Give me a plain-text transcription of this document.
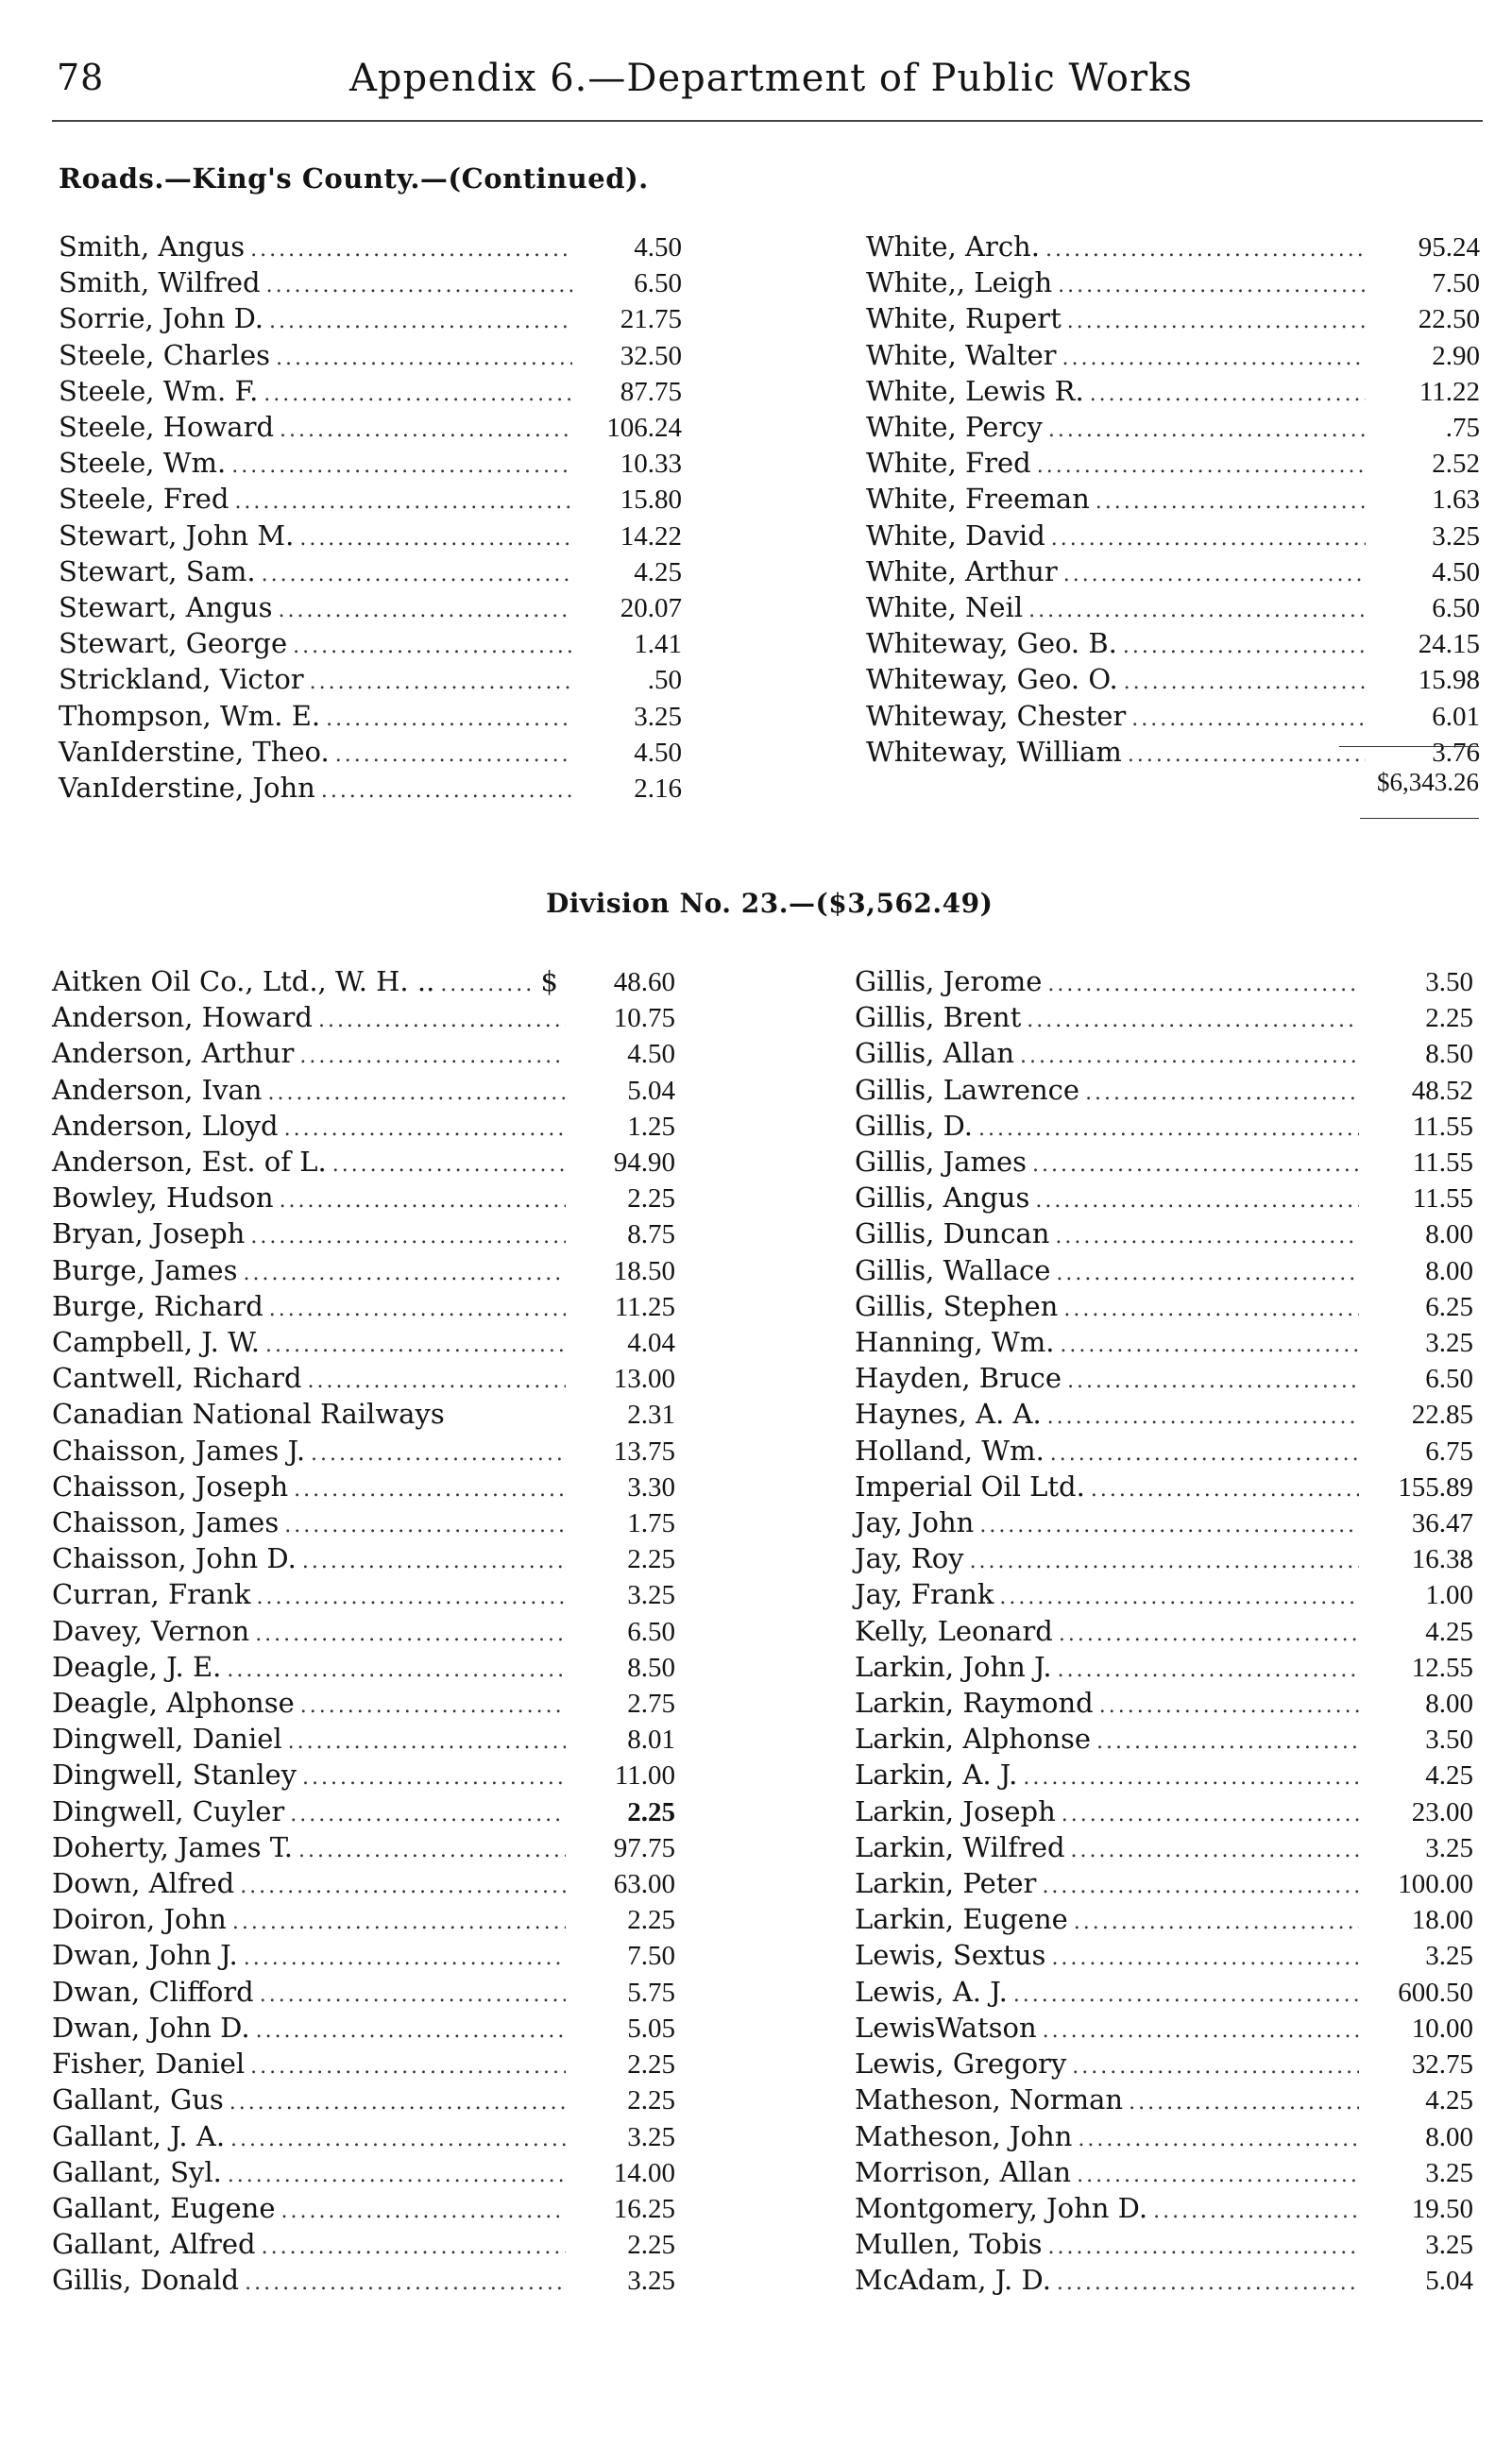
78	Appendix 6.—Department of Public Works
Roads.—King's County.—(Continued).
Smith, Angus .....	4.50
Smith, Wilfred .....	6.50
Sorrie, John D. .....	21.75
Steele, Charles .....	32.50
Steele, Wm. F. .....	87.75
Steele, Howard .....	106.24
Steele, Wm. .....	10.33
Steele, Fred .....	15.80
Stewart, John M. .....	14.22
Stewart, Sam. .....	4.25
Stewart, Angus .....	20.07
Stewart, George .....	1.41
Strickland, Victor .....	.50
Thompson, Wm. E. .....	3.25
VanIderstine, Theo. .....	4.50
VanIderstine, John .....	2.16
White, Arch. .....	95.24
White,, Leigh .....	7.50
White, Rupert .....	22.50
White, Walter .....	2.90
White, Lewis R. .....	11.22
White, Percy .....	.75
White, Fred .....	2.52
White, Freeman .....	1.63
White, David .....	3.25
White, Arthur .....	4.50
White, Neil .....	6.50
Whiteway, Geo. B. .....	24.15
Whiteway, Geo. O. .....	15.98
Whiteway, Chester .....	6.01
Whiteway, William .....	3.76
$6,343.26
Division No. 23.—($3,562.49)
Aitken Oil Co., Ltd., W. H. .. .....	$	48.60
Anderson, Howard .....	10.75
Anderson, Arthur .....	4.50
Anderson, Ivan .....	5.04
Anderson, Lloyd .....	1.25
Anderson, Est. of L. .....	94.90
Bowley, Hudson .....	2.25
Bryan, Joseph .....	8.75
Burge, James .....	18.50
Burge, Richard .....	11.25
Campbell, J. W. .....	4.04
Cantwell, Richard .....	13.00
Canadian National Railways	2.31
Chaisson, James J. .....	13.75
Chaisson, Joseph .....	3.30
Chaisson, James .....	1.75
Chaisson, John D. .....	2.25
Curran, Frank .....	3.25
Davey, Vernon .....	6.50
Deagle, J. E. .....	8.50
Deagle, Alphonse .....	2.75
Dingwell, Daniel .....	8.01
Dingwell, Stanley .....	11.00
Dingwell, Cuyler .....	2.25
Doherty, James T. .....	97.75
Down, Alfred .....	63.00
Doiron, John .....	2.25
Dwan, John J. .....	7.50
Dwan, Clifford .....	5.75
Dwan, John D. .....	5.05
Fisher, Daniel .....	2.25
Gallant, Gus .....	2.25
Gallant, J. A. .....	3.25
Gallant, Syl. .....	14.00
Gallant, Eugene .....	16.25
Gallant, Alfred .....	2.25
Gillis, Donald .....	3.25
Gillis, Jerome .....	3.50
Gillis, Brent .....	2.25
Gillis, Allan .....	8.50
Gillis, Lawrence .....	48.52
Gillis, D. .....	11.55
Gillis, James .....	11.55
Gillis, Angus .....	11.55
Gillis, Duncan .....	8.00
Gillis, Wallace .....	8.00
Gillis, Stephen .....	6.25
Hanning, Wm. .....	3.25
Hayden, Bruce .....	6.50
Haynes, A. A. .....	22.85
Holland, Wm. .....	6.75
Imperial Oil Ltd. .....	155.89
Jay, John .....	36.47
Jay, Roy .....	16.38
Jay, Frank .....	1.00
Kelly, Leonard .....	4.25
Larkin, John J. .....	12.55
Larkin, Raymond .....	8.00
Larkin, Alphonse .....	3.50
Larkin, A. J. .....	4.25
Larkin, Joseph .....	23.00
Larkin, Wilfred .....	3.25
Larkin, Peter .....	100.00
Larkin, Eugene .....	18.00
Lewis, Sextus .....	3.25
Lewis, A. J. .....	600.50
LewisWatson .....	10.00
Lewis, Gregory .....	32.75
Matheson, Norman .....	4.25
Matheson, John .....	8.00
Morrison, Allan .....	3.25
Montgomery, John D. .....	19.50
Mullen, Tobis .....	3.25
McAdam, J. D. .....	5.04
